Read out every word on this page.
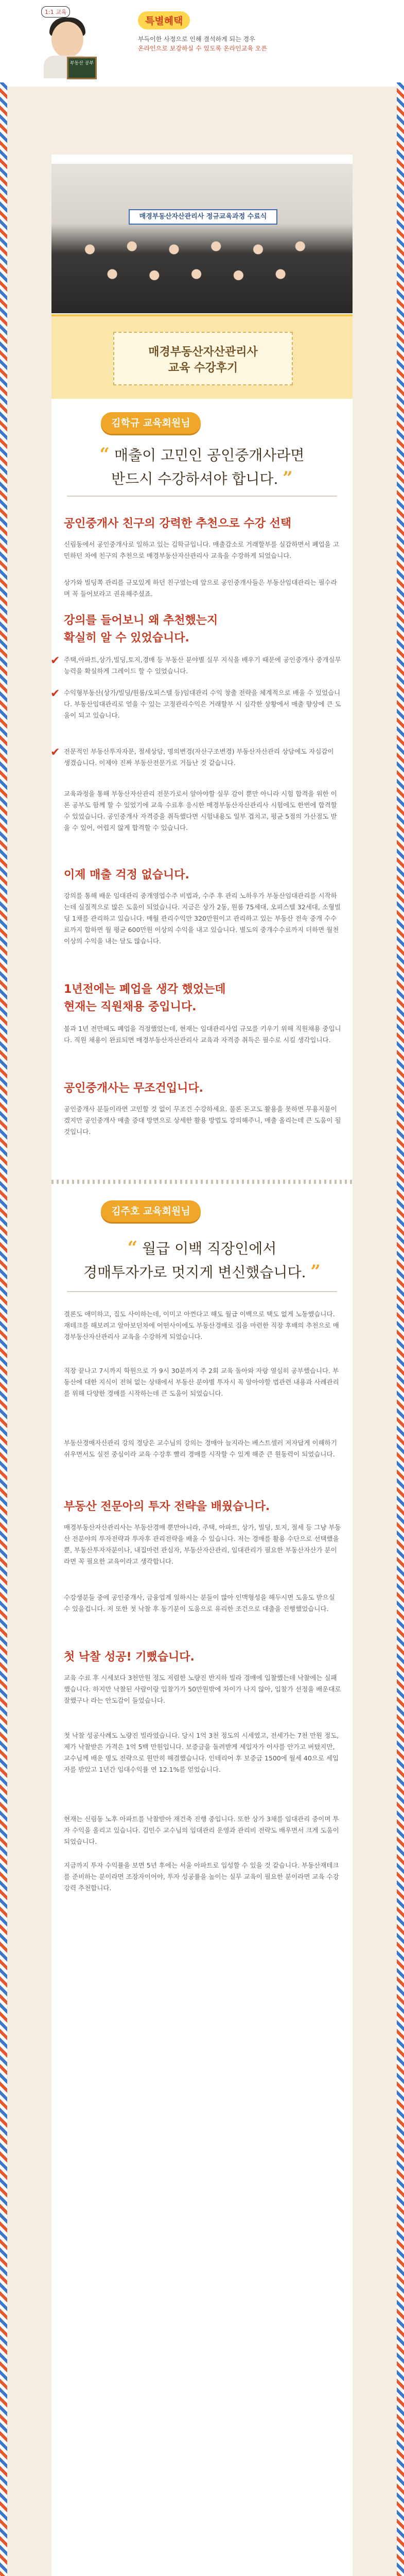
1:1 교육
부동산 공부
특별혜택
부득이한 사정으로 인해 결석하게 되는 경우
온라인으로 보강하실 수 있도록 온라인교육 오픈
매경부동산자산관리사 정규교육과정 수료식
매경부동산자산관리사
교육 수강후기
김학규 교육회원님
“ 매출이 고민인 공인중개사라면
반드시 수강하셔야 합니다. ”
공인중개사 친구의 강력한 추천으로 수강 선택
신림동에서 공인중개사로 일하고 있는 김학규입니다. 매출감소로 거래할부를 실감하면서 폐업을 고민하던 차에 친구의 추천으로 매경부동산자산관리사 교육을 수강하게 되었습니다.
상가와 빌딩쪽 관리를 규모있게 하던 친구였는데 앞으로 공인중개사들은 부동산임대관리는 필수라며 꼭 들어보라고 권유해주셨죠.
강의를 들어보니 왜 추천했는지
확실히 알 수 있었습니다.
✔ 주택,아파트,상가,빌딩,토지,경매 등 부동산 분야별 실무 지식을 배우기 때문에 공인중개사 중개실무 능력을 확실하게 그레이드 할 수 있었습니다.
✔ 수익형부동산(상가/빌딩/원룸/오피스텔 등)임대관리 수익 창출 전략을 체계적으로 배울 수 있었습니다. 부동산임대관리로 얻을 수 있는 고정관리수익은 거래할부 시 심각한 상황에서 매출 향상에 큰 도움이 되고 있습니다.
✔ 전문적인 부동산투자자문, 절세상담, 명의변경(자산구조변경) 부동산자산관리 상담에도 자심감이 생겼습니다. 이제야 진짜 부동산전문가로 거듭난 것 같습니다.
교육과정을 통해 부동산자산관리 전문가로서 알아야할 실무 감이 뿐만 아니라 시험 합격을 위한 이론 공부도 함께 할 수 있었기에 교육 수료후 응시한 매경부동산자산관리사 시험에도 한번에 합격할 수 있었습니다. 공인중개사 자격증을 취득했다면 시험내용도 일부 겹치고, 평균 5점의 가산점도 받을 수 있어, 어렵지 않게 합격할 수 있습니다.
이제 매출 걱정 없습니다.
강의를 통해 배운 임대관리 중개영업수주 비법과, 수주 후 관리 노하우가 부동산임대관리를 시작하는데 실질적으로 많은 도움이 되었습니다. 지금은 상가 2동, 원룸 75세대, 오피스텔 32세대, 소형빌딩 1채를 관리하고 있습니다. 매월 관리수익만 320만원이고 관리하고 있는 부동산 전속 중개 수수료까지 합하면 월 평균 600만원 이상의 수익을 내고 있습니다. 별도의 중개수수료까지 더하면 월천이상의 수익을 내는 달도 많습니다.
1년전에는 폐업을 생각 했었는데
현재는 직원채용 중입니다.
불과 1년 전만해도 폐업을 걱정했었는데, 현재는 임대관리사업 규모를 키우기 위해 직원채용 중입니다. 직원 채용이 완료되면 매경부동산자산관리사 교육과 자격증 취득은 필수로 시킬 생각입니다.
공인중개사는 무조건입니다.
공인중개사 분들이라면 고민할 것 없이 무조건 수강하세요. 물론 돈고도 활용을 못하면 무용지물이겠지만 공인중개사 매출 증대 방면으로 상세한 활용 방법도 강의해주니, 매출 올리는데 큰 도움이 될 것입니다.
김주호 교육회원님
“ 월급 이백 직장인에서
경매투자가로 멋지게 변신했습니다. ”
결론도 애미하고, 집도 사이하는데, 이미고 아껀다고 해도 월급 이백으로 택도 없게 노동했습니다. 재테크를 해보려고 알아보던차에 어떤사이에도 부동산경매로 집을 마련한 직장 후배의 추천으로 매경부동산자산관리사 교육을 수강하게 되었습니다.
직장 끝나고 7시까지 학원으로 가 9시 30분까지 주 2회 교육 돌아와 자랑 열심히 공부했습니다. 부동산에 대한 지식이 전혀 없는 상태에서 부동산 분야별 투자시 꼭 알아야할 법관련 내용과 사례관리를 위해 다양한 경매를 시작하는데 큰 도움이 되었습니다.
부동산경매자산관리 강의 경당은 교수님의 강의는 경매아 늘지라는 베스트셀러 저자답게 이해하기 쉬우면서도 실전 중심이라 교육 수강후 빨리 경매를 시작할 수 있게 해준 큰 원동력이 되었습니다.
부동산 전문아의 투자 전략을 배웠습니다.
매경부동산자산관리사는 부동산경매 뿐만아니라, 주택, 아파트, 상가, 빌딩, 토지, 절세 등 그냥 부동산 전분야의 투자전략과 투자후 관리전략을 배울 수 있습니다. 저는 경매를 활용 수단으로 선택했을뿐, 부동산투자자분이나, 내집마련 관심자, 부동산자산관리, 임대관리가 필요한 부동산자산가 분이라면 꼭 필요한 교육이라고 생각합니다.
수강생분들 중에 공인중개사, 금융업계 일하시는 분들이 많아 인맥형성을 해두시면 도움도 받으실 수 있을겁니다. 저 또한 첫 낙찰 후 동기분이 도움으로 유리한 조건으로 대출을 진행했었습니다.
첫 낙찰 성공! 기뻤습니다.
교육 수료 후 시세보다 3천만원 정도 저렴한 노량진 반지하 빌라 경매에 입찰했는데 낙찰에는 실패했습니다. 하지만 낙찰된 사람이랑 입찰가가 50만원밖에 차이가 나지 않아, 입찰가 선정을 배운대로 잘했구나 라는 안도감이 들었습니다.
첫 낙찰 성공사례도 노량진 빌라였습니다. 당시 1억 3천 정도의 시세였고, 전세가는 7천 만원 정도, 제가 낙찰받은 가격은 1억 5백 만원입니다. 보증금을 돌려받게 세입자가 이사를 안가고 버텼지만, 교수님께 배운 명도 전략으로 원만히 해결했습니다. 인테리어 후 보증금 1500에 월세 40으로 세입자를 받았고 1년간 임대수익률 연 12.1%를 얻었습니다.
현재는 신림동 노후 아파트를 낙찰받아 재건축 진행 중입니다. 또한 상가 3채를 임대관리 중이며 투자 수익을 올리고 있습니다. 김민수 교수님의 임대관리 운영과 관리비 전략도 배우면서 크게 도움이 되었습니다.
지금까지 투자 수익률을 보면 5년 후에는 서울 아파트로 입성할 수 있을 것 같습니다. 부동산재테크를 준비하는 분이라면 조장자이어야, 투자 성공률을 높이는 실무 교육이 필요한 분이라면 교육 수강 강력 추천합니다.
